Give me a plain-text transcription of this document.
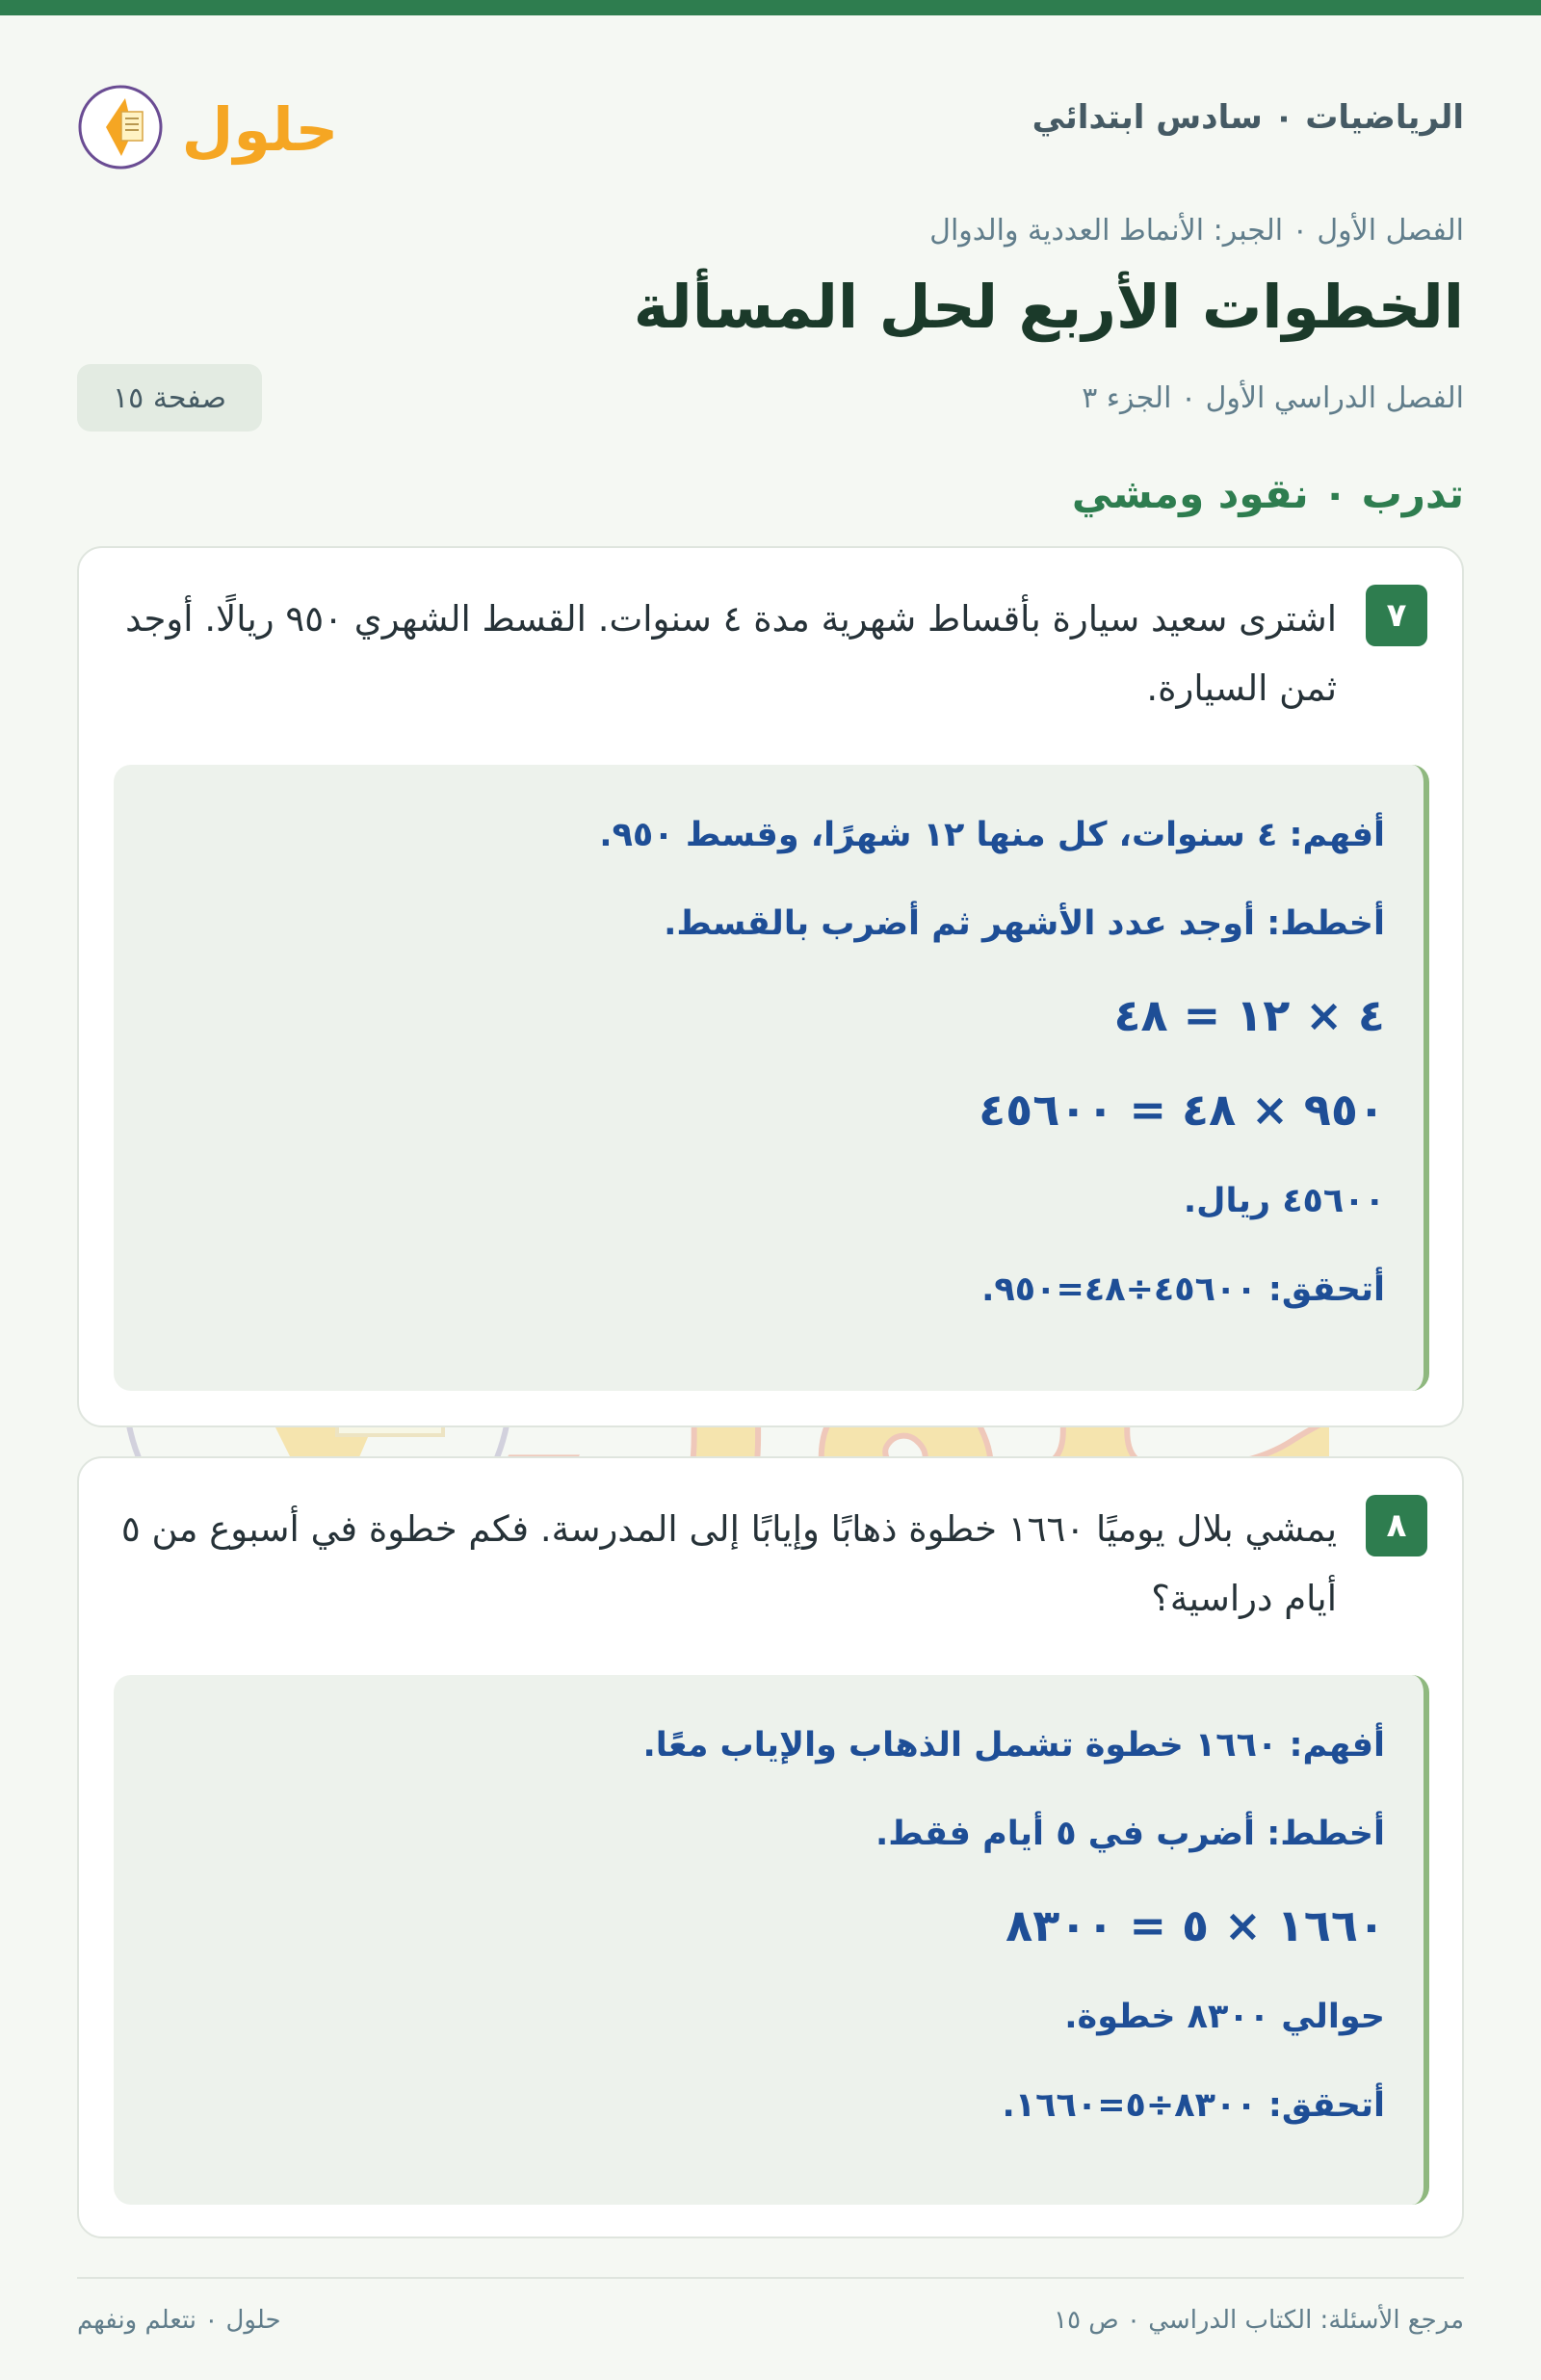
الرياضيات ٠ سادس ابتدائي
حلول
الفصل الأول ٠ الجبر: الأنماط العددية والدوال
الخطوات الأربع لحل المسألة
الفصل الدراسي الأول ٠ الجزء ٣
صفحة ١٥
تدرب ٠ نقود ومشي
٧

اشترى سعيد سيارة بأقساط شهرية مدة ٤ سنوات. القسط الشهري ٩٥٠ ريالًا. أوجد ثمن السيارة.

أفهم: ٤ سنوات، كل منها ١٢ شهرًا، وقسط ٩٥٠.

أخطط: أوجد عدد الأشهر ثم أضرب بالقسط.

٤ × ١٢ = ٤٨

٩٥٠ × ٤٨ = ٤٥٦٠٠

٤٥٦٠٠ ريال.

أتحقق: ٤٥٦٠٠÷٤٨=٩٥٠.

٨

يمشي بلال يوميًا ١٦٦٠ خطوة ذهابًا وإيابًا إلى المدرسة. فكم خطوة في أسبوع من ٥ أيام دراسية؟

أفهم: ١٦٦٠ خطوة تشمل الذهاب والإياب معًا.

أخطط: أضرب في ٥ أيام فقط.

١٦٦٠ × ٥ = ٨٣٠٠

حوالي ٨٣٠٠ خطوة.

أتحقق: ٨٣٠٠÷٥=١٦٦٠.

مرجع الأسئلة: الكتاب الدراسي ٠ ص ١٥
حلول ٠ نتعلم ونفهم
